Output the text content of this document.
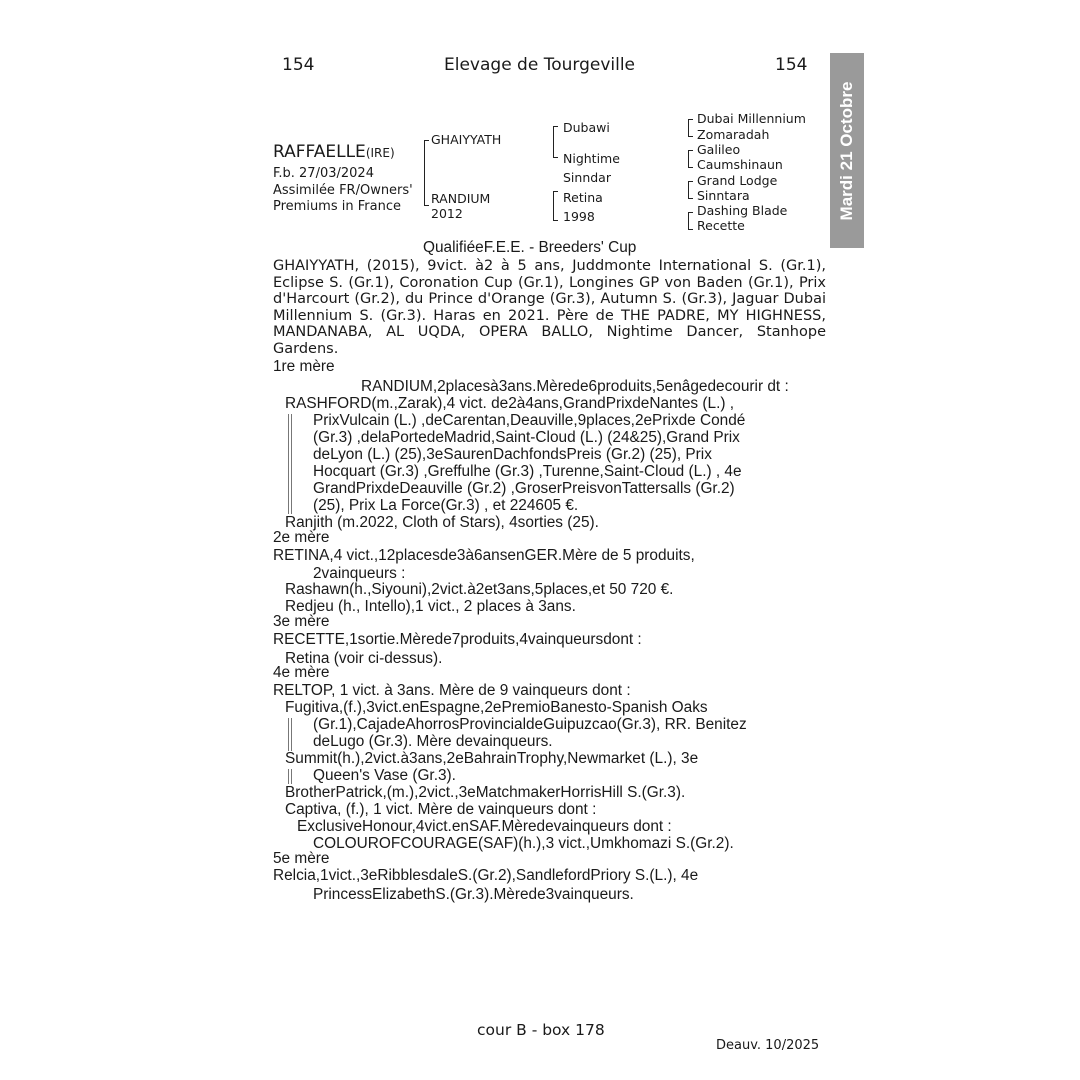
154	Elevage de Tourgeville	154
Mardi 21 Octobre
RAFFAELLE(IRE)
F.b. 27/03/2024
Assimilée FR/Owners'
Premiums in France
GHAIYYATH
RANDIUM
2012
Dubawi
Nightime
Sinndar
Retina
1998
Dubai Millennium
Zomaradah
Galileo
Caumshinaun
Grand Lodge
Sinntara
Dashing Blade
Recette
QualifiéeF.E.E. - Breeders' Cup
GHAIYYATH, (2015), 9vict. à2 à 5 ans, Juddmonte International S. (Gr.1), Eclipse S. (Gr.1), Coronation Cup (Gr.1), Longines GP von Baden (Gr.1), Prix d'Harcourt (Gr.2), du Prince d'Orange (Gr.3), Autumn S. (Gr.3), Jaguar Dubai Millennium S. (Gr.3). Haras en 2021. Père de THE PADRE, MY HIGHNESS, MANDANABA, AL UQDA, OPERA BALLO, Nightime Dancer, Stanhope Gardens.
1re mère
RANDIUM,2placesà3ans.Mèrede6produits,5enâgedecourir dt :
RASHFORD(m.,Zarak),4 vict. de2à4ans,GrandPrixdeNantes (L.) ,
PrixVulcain (L.) ,deCarentan,Deauville,9places,2ePrixde Condé
(Gr.3) ,delaPortedeMadrid,Saint-Cloud (L.) (24&25),Grand Prix
deLyon (L.) (25),3eSaurenDachfondsPreis (Gr.2) (25), Prix
Hocquart (Gr.3) ,Greffulhe (Gr.3) ,Turenne,Saint-Cloud (L.) , 4e
GrandPrixdeDeauville (Gr.2) ,GroserPreisvonTattersalls (Gr.2)
(25), Prix La Force(Gr.3) , et 224605 €.
Ranjith (m.2022, Cloth of Stars), 4sorties (25).
2e mère
RETINA,4 vict.,12placesde3à6ansenGER.Mère de 5 produits,
2vainqueurs :
Rashawn(h.,Siyouni),2vict.à2et3ans,5places,et 50 720 €.
Redjeu (h., Intello),1 vict., 2 places à 3ans.
3e mère
RECETTE,1sortie.Mèrede7produits,4vainqueursdont :
Retina (voir ci-dessus).
4e mère
RELTOP, 1 vict. à 3ans. Mère de 9 vainqueurs dont :
Fugitiva,(f.),3vict.enEspagne,2ePremioBanesto-Spanish Oaks
(Gr.1),CajadeAhorrosProvincialdeGuipuzcao(Gr.3), RR. Benitez
deLugo (Gr.3). Mère devainqueurs.
Summit(h.),2vict.à3ans,2eBahrainTrophy,Newmarket (L.), 3e
Queen's Vase (Gr.3).
BrotherPatrick,(m.),2vict.,3eMatchmakerHorrisHill S.(Gr.3).
Captiva, (f.), 1 vict. Mère de vainqueurs dont :
ExclusiveHonour,4vict.enSAF.Mèredevainqueurs dont :
COLOUROFCOURAGE(SAF)(h.),3 vict.,Umkhomazi S.(Gr.2).
5e mère
Relcia,1vict.,3eRibblesdaleS.(Gr.2),SandlefordPriory S.(L.), 4e
PrincessElizabethS.(Gr.3).Mèrede3vainqueurs.
cour B - box 178
Deauv. 10/2025
